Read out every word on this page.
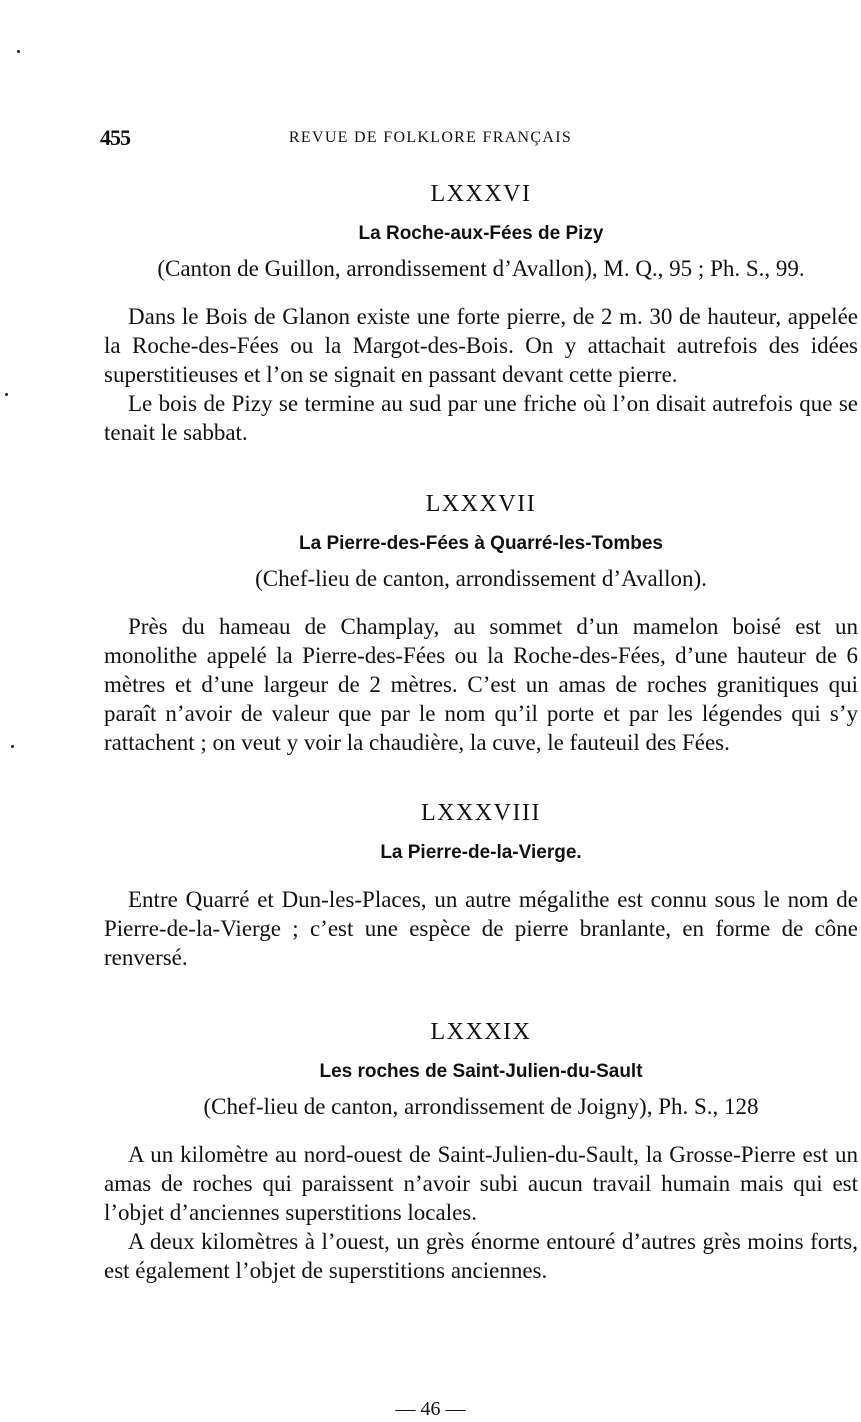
455	REVUE DE FOLKLORE FRANÇAIS
LXXXVI
La Roche-aux-Fées de Pizy
(Canton de Guillon, arrondissement d’Avallon), M. Q., 95 ; Ph. S., 99.

Dans le Bois de Glanon existe une forte pierre, de 2 m. 30 de hauteur, appelée la Roche-des-Fées ou la Margot-des-Bois. On y attachait autrefois des idées superstitieuses et l’on se signait en passant devant cette pierre.

Le bois de Pizy se termine au sud par une friche où l’on disait autrefois que se tenait le sabbat.

LXXXVII
La Pierre-des-Fées à Quarré-les-Tombes
(Chef-lieu de canton, arrondissement d’Avallon).

Près du hameau de Champlay, au sommet d’un mamelon boisé est un monolithe appelé la Pierre-des-Fées ou la Roche-des-Fées, d’une hauteur de 6 mètres et d’une largeur de 2 mètres. C’est un amas de roches granitiques qui paraît n’avoir de valeur que par le nom qu’il porte et par les légendes qui s’y rattachent ; on veut y voir la chaudière, la cuve, le fauteuil des Fées.

LXXXVIII
La Pierre-de-la-Vierge.

Entre Quarré et Dun-les-Places, un autre mégalithe est connu sous le nom de Pierre-de-la-Vierge ; c’est une espèce de pierre branlante, en forme de cône renversé.

LXXXIX
Les roches de Saint-Julien-du-Sault
(Chef-lieu de canton, arrondissement de Joigny), Ph. S., 128

A un kilomètre au nord-ouest de Saint-Julien-du-Sault, la Grosse-Pierre est un amas de roches qui paraissent n’avoir subi aucun travail humain mais qui est l’objet d’anciennes superstitions locales.

A deux kilomètres à l’ouest, un grès énorme entouré d’autres grès moins forts, est également l’objet de superstitions anciennes.

— 46 —
